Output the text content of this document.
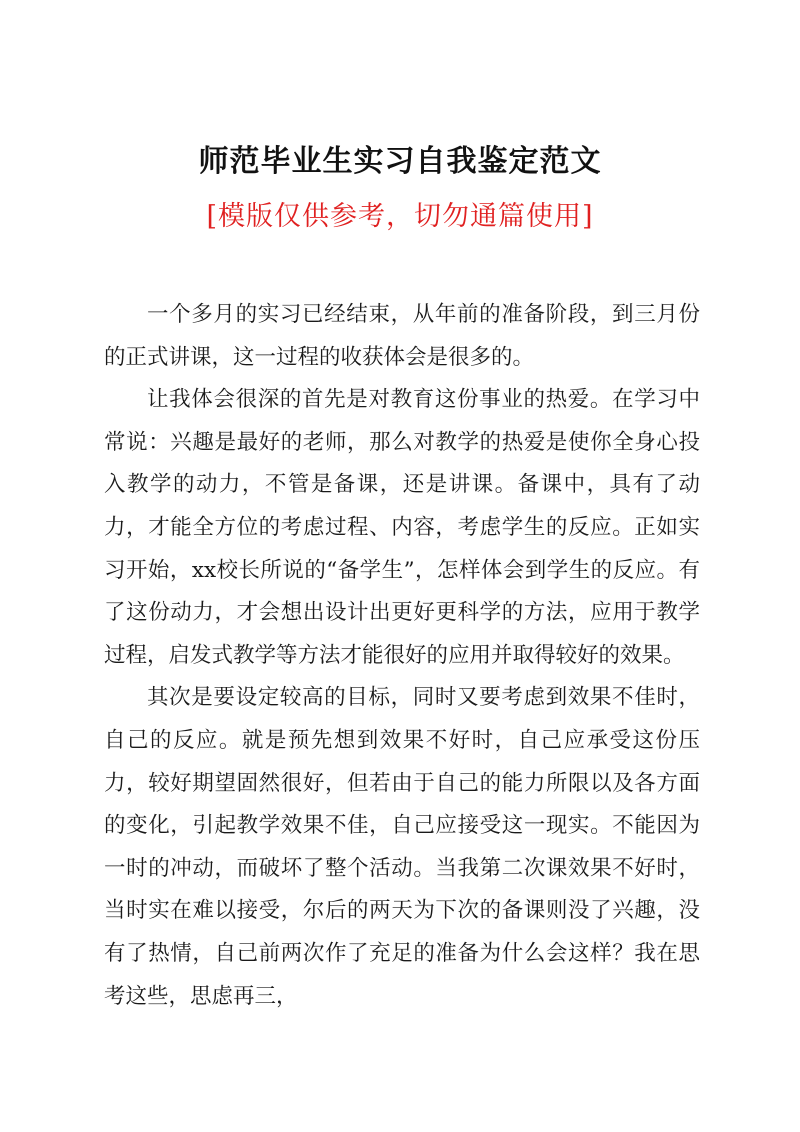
师范毕业生实习自我鉴定范文
[模版仅供参考，切勿通篇使用]

一个多月的实习已经结束，从年前的准备阶段，到三月份的正式讲课，这一过程的收获体会是很多的。

让我体会很深的首先是对教育这份事业的热爱。在学习中常说：兴趣是最好的老师，那么对教学的热爱是使你全身心投入教学的动力，不管是备课，还是讲课。备课中，具有了动力，才能全方位的考虑过程、内容，考虑学生的反应。正如实习开始，xx校长所说的“备学生”，怎样体会到学生的反应。有了这份动力，才会想出设计出更好更科学的方法，应用于教学过程，启发式教学等方法才能很好的应用并取得较好的效果。

其次是要设定较高的目标，同时又要考虑到效果不佳时，自己的反应。就是预先想到效果不好时，自己应承受这份压力，较好期望固然很好，但若由于自己的能力所限以及各方面的变化，引起教学效果不佳，自己应接受这一现实。不能因为一时的冲动，而破坏了整个活动。当我第二次课效果不好时，当时实在难以接受，尔后的两天为下次的备课则没了兴趣，没有了热情，自己前两次作了充足的准备为什么会这样？我在思考这些，思虑再三，
